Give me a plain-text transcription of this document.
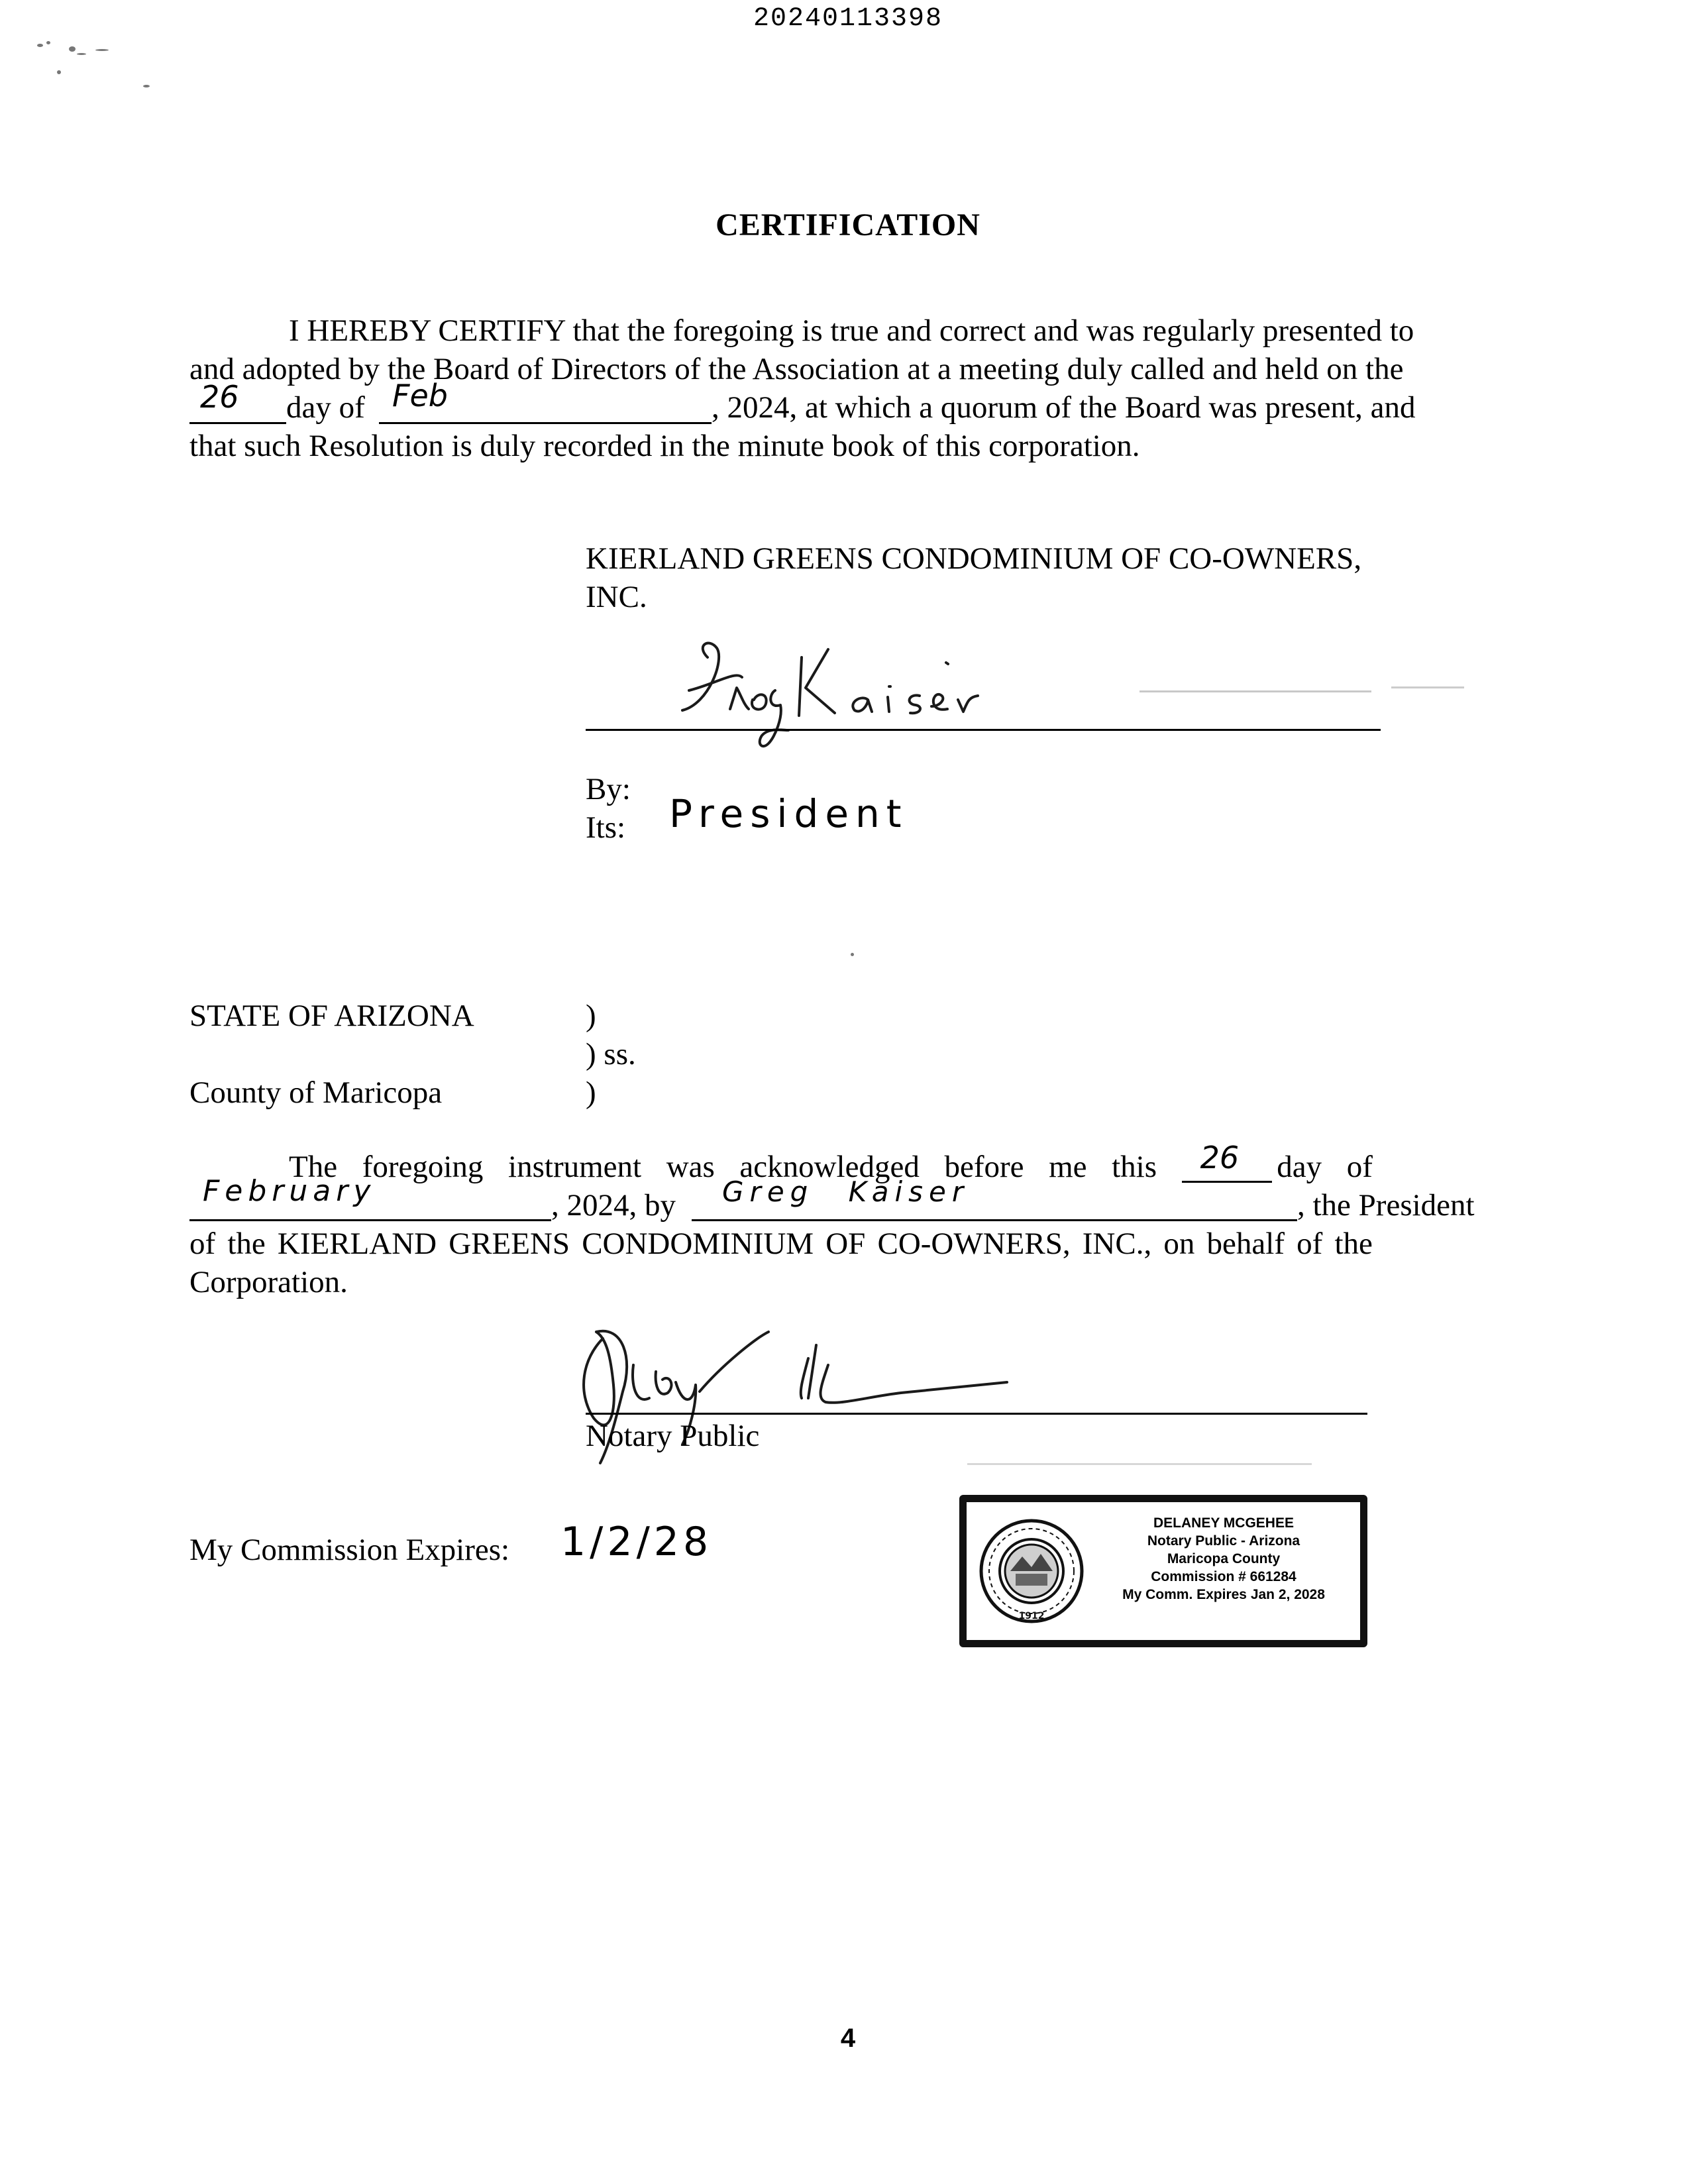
20240113398
CERTIFICATION
I HEREBY CERTIFY that the foregoing is true and correct and was regularly presented to
and adopted by the Board of Directors of the Association at a meeting duly called and held on the
26 day of Feb	, 2024, at which a quorum of the Board was present, and
that such Resolution is duly recorded in the minute book of this corporation.
KIERLAND GREENS CONDOMINIUM OF CO-OWNERS,
INC.
By:
Its: President
STATE OF ARIZONA	)
) ss.
County of Maricopa	)
The foregoing instrument was acknowledged before me this 26 day of
February	, 2024, by Greg Kaiser	, the President
of the KIERLAND GREENS CONDOMINIUM OF CO-OWNERS, INC., on behalf of the
Corporation.
Notary Public
My Commission Expires: 1/2/28
1912
DELANEY MCGEHEE
Notary Public - Arizona
Maricopa County
Commission # 661284
My Comm. Expires Jan 2, 2028
4
